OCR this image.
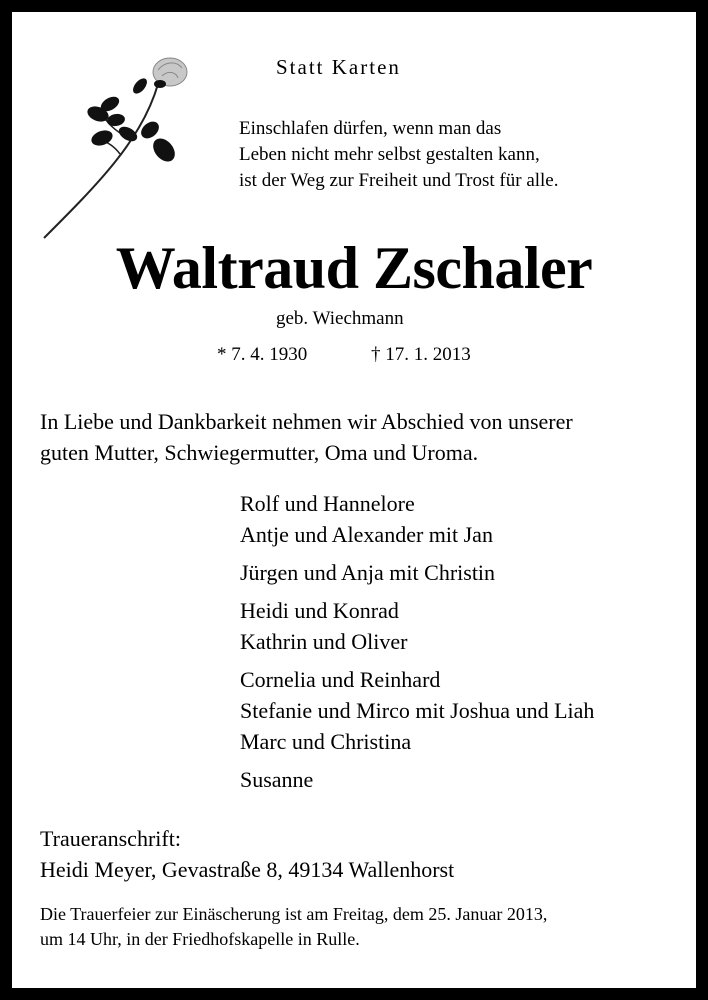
Statt Karten
Einschlafen dürfen, wenn man das
Leben nicht mehr selbst gestalten kann,
ist der Weg zur Freiheit und Trost für alle.
Waltraud Zschaler
geb. Wiechmann
* 7. 4. 1930	† 17. 1. 2013
In Liebe und Dankbarkeit nehmen wir Abschied von unserer
guten Mutter, Schwiegermutter, Oma und Uroma.
Rolf und Hannelore
Antje und Alexander mit Jan
Jürgen und Anja mit Christin
Heidi und Konrad
Kathrin und Oliver
Cornelia und Reinhard
Stefanie und Mirco mit Joshua und Liah
Marc und Christina
Susanne
Traueranschrift:
Heidi Meyer, Gevastraße 8, 49134 Wallenhorst
Die Trauerfeier zur Einäscherung ist am Freitag, dem 25. Januar 2013,
um 14 Uhr, in der Friedhofskapelle in Rulle.
